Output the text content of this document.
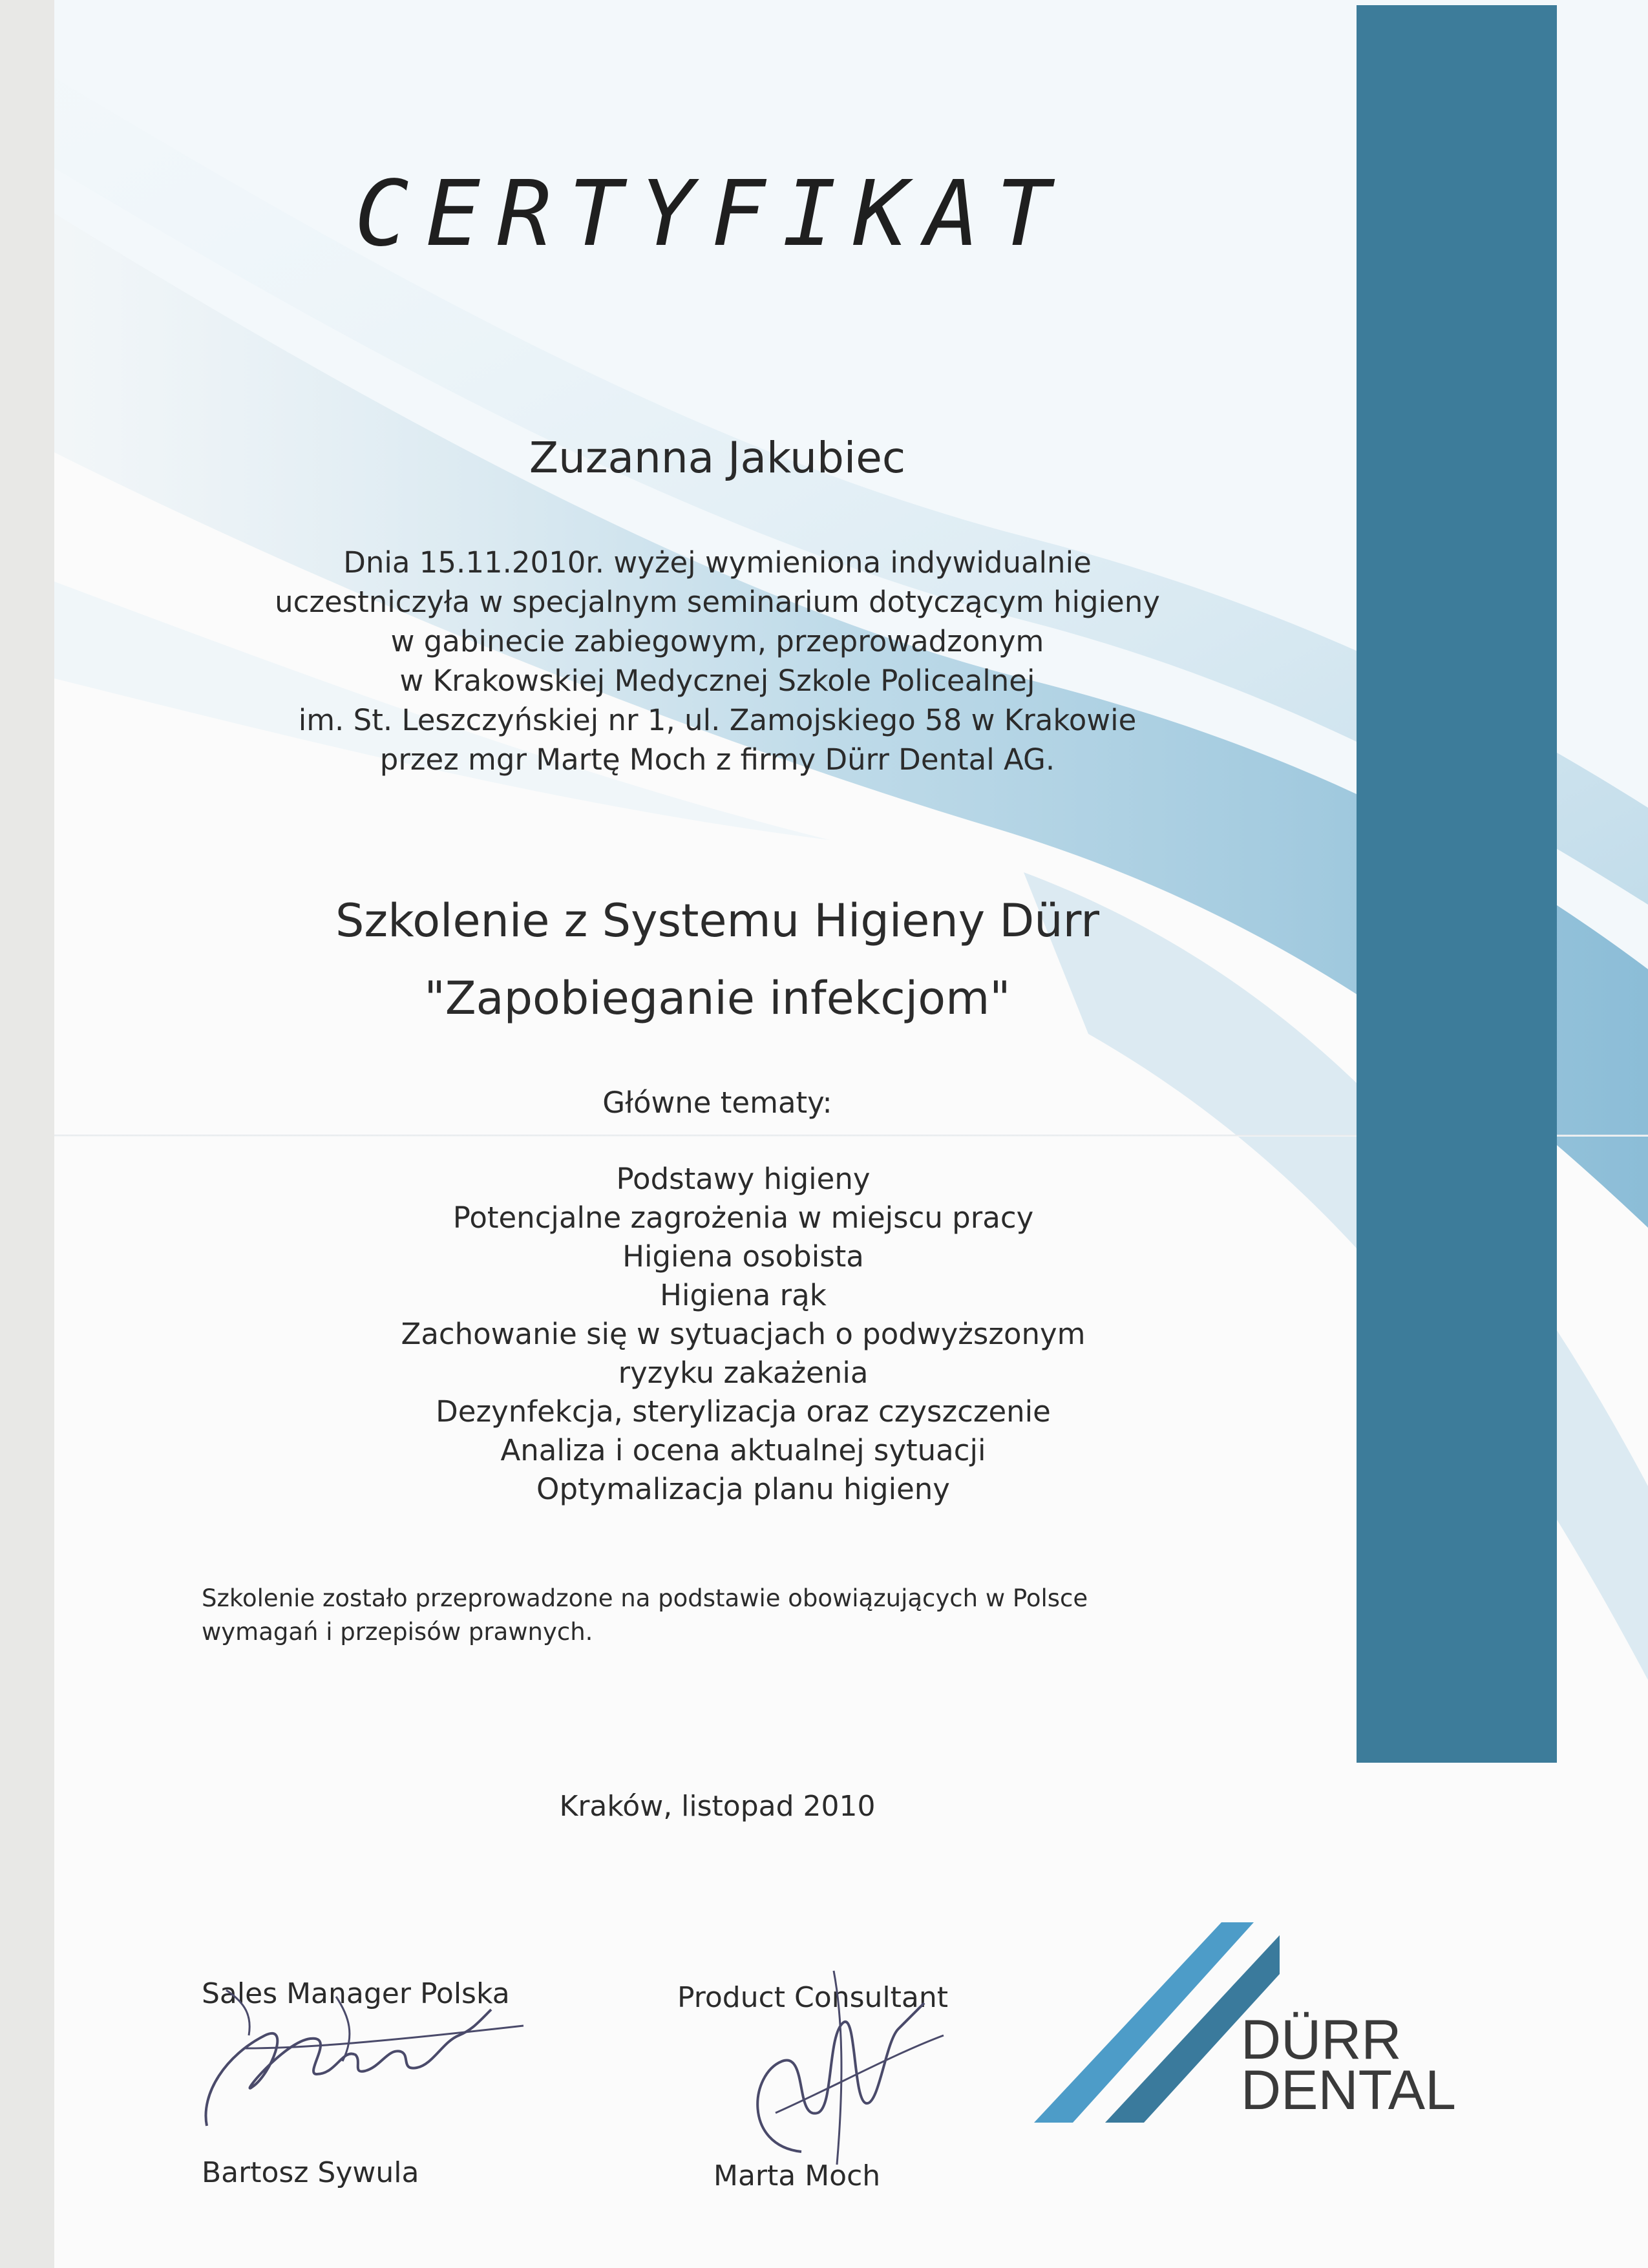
CERTYFIKAT
Zuzanna Jakubiec
Dnia 15.11.2010r. wyżej wymieniona indywidualnie
uczestniczyła w specjalnym seminarium dotyczącym higieny
w gabinecie zabiegowym, przeprowadzonym
w Krakowskiej Medycznej Szkole Policealnej
im. St. Leszczyńskiej nr 1, ul. Zamojskiego 58 w Krakowie
przez mgr Martę Moch z firmy Dürr Dental AG.
Szkolenie z Systemu Higieny Dürr
"Zapobieganie infekcjom"
Główne tematy:
Podstawy higieny
Potencjalne zagrożenia w miejscu pracy
Higiena osobista
Higiena rąk
Zachowanie się w sytuacjach o podwyższonym
ryzyku zakażenia
Dezynfekcja, sterylizacja oraz czyszczenie
Analiza i ocena aktualnej sytuacji
Optymalizacja planu higieny
Szkolenie zostało przeprowadzone na podstawie obowiązujących w Polsce
wymagań i przepisów prawnych.
Kraków, listopad 2010
Sales Manager Polska
Bartosz Sywula
Product Consultant
Marta Moch
DÜRR
DENTAL
